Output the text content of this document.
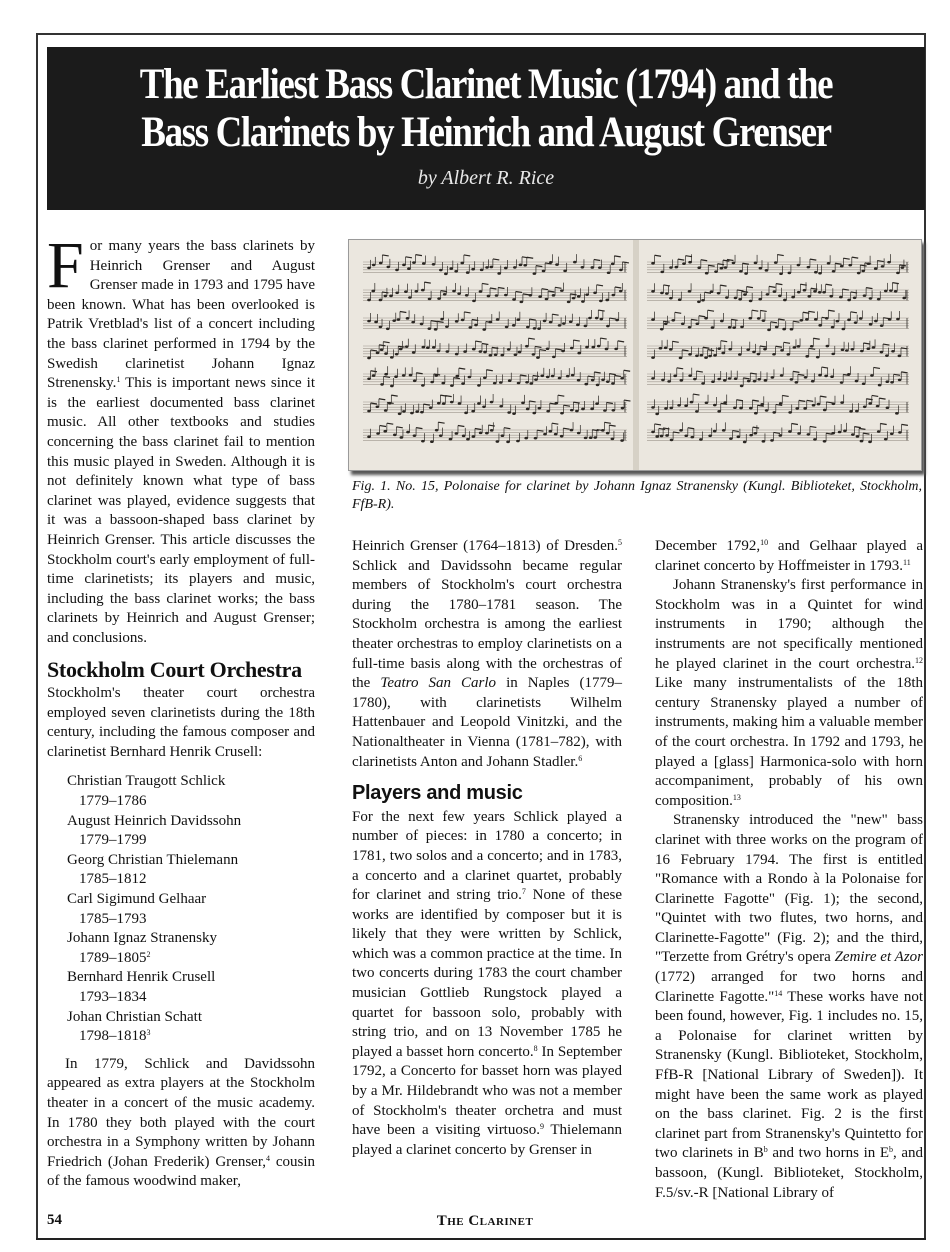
The Earliest Bass Clarinet Music (1794) and the
Bass Clarinets by Heinrich and August Grenser
by Albert R. Rice

For many years the bass clarinets by Heinrich Grenser and August Grenser made in 1793 and 1795 have been known. What has been overlooked is Patrik Vretblad's list of a concert including the bass clarinet performed in 1794 by the Swedish clarinetist Johann Ignaz Strenensky.$^1$ This is important news since it is the earliest documented bass clarinet music. All other textbooks and studies concerning the bass clarinet fail to mention this music played in Sweden. Although it is not definitely known what type of bass clarinet was played, evidence suggests that it was a bassoon-shaped bass clarinet by Heinrich Grenser. This article discusses the Stockholm court's early employment of full-time clarinetists; its players and music, including the bass clarinet works; the bass clarinets by Heinrich and August Grenser; and conclusions.

Stockholm Court Orchestra

Stockholm's theater court orchestra employed seven clarinetists during the 18th century, including the famous composer and clarinetist Bernhard Henrik Crusell:

Christian Traugott Schlick
1779–1786
August Heinrich Davidssohn
1779–1799
Georg Christian Thielemann
1785–1812
Carl Sigimund Gelhaar
1785–1793
Johann Ignaz Stranensky
1789–1805$^2$
Bernhard Henrik Crusell
1793–1834
Johan Christian Schatt
1798–1818$^3$

In 1779, Schlick and Davidssohn appeared as extra players at the Stockholm theater in a concert of the music academy. In 1780 they both played with the court orchestra in a Symphony written by Johann Friedrich (Johan Frederik) Grenser,$^4$ cousin of the famous woodwind maker,

Fig. 1. No. 15, Polonaise for clarinet by Johann Ignaz Stranensky (Kungl. Biblioteket, Stockholm, FfB-R).

Heinrich Grenser (1764–1813) of Dresden.$^5$ Schlick and Davidssohn became regular members of Stockholm's court orchestra during the 1780–1781 season. The Stockholm orchestra is among the earliest theater orchestras to employ clarinetists on a full-time basis along with the orchestras of the Teatro San Carlo in Naples (1779–1780), with clarinetists Wilhelm Hattenbauer and Leopold Vinitzki, and the Nationaltheater in Vienna (1781–782), with clarinetists Anton and Johann Stadler.$^6$

Players and music

For the next few years Schlick played a number of pieces: in 1780 a concerto; in 1781, two solos and a concerto; and in 1783, a concerto and a clarinet quartet, probably for clarinet and string trio.$^7$ None of these works are identified by composer but it is likely that they were written by Schlick, which was a common practice at the time. In two concerts during 1783 the court chamber musician Gottlieb Rungstock played a quartet for bassoon solo, probably with string trio, and on 13 November 1785 he played a basset horn concerto.$^8$ In September 1792, a Concerto for basset horn was played by a Mr. Hildebrandt who was not a member of Stockholm's theater orchetra and must have been a visiting virtuoso.$^9$ Thielemann played a clarinet concerto by Grenser in

December 1792,10 and Gelhaar played a clarinet concerto by Hoffmeister in 1793.11

Johann Stranensky's first performance in Stockholm was in a Quintet for wind instruments in 1790; although the instruments are not specifically mentioned he played clarinet in the court orchestra.$^{12}$ Like many instrumentalists of the 18th century Stranensky played a number of instruments, making him a valuable member of the court orchestra. In 1792 and 1793, he played a [glass] Harmonica-solo with horn accompaniment, probably of his own composition.$^{13}$

Stranensky introduced the "new" bass clarinet with three works on the program of 16 February 1794. The first is entitled "Romance with a Rondo à la Polonaise for Clarinette Fagotte" (Fig. 1); the second, "Quintet with two flutes, two horns, and Clarinette-Fagotte" (Fig. 2); and the third, "Terzette from Grétry's opera Zemire et Azor (1772) arranged for two horns and Clarinette Fagotte."$^{14}$ These works have not been found, however, Fig. 1 includes no. 15, a Polonaise for clarinet written by Stranensky (Kungl. Biblioteket, Stockholm, FfB-R [National Library of Sweden]). It might have been the same work as played on the bass clarinet. Fig. 2 is the first clarinet part from Stranensky's Quintetto for two clarinets in $B^b$ and two horns in $E^b$, and bassoon, (Kungl. Biblioteket, Stockholm, F.5/sv.-R [National Library of

54	The Clarinet
